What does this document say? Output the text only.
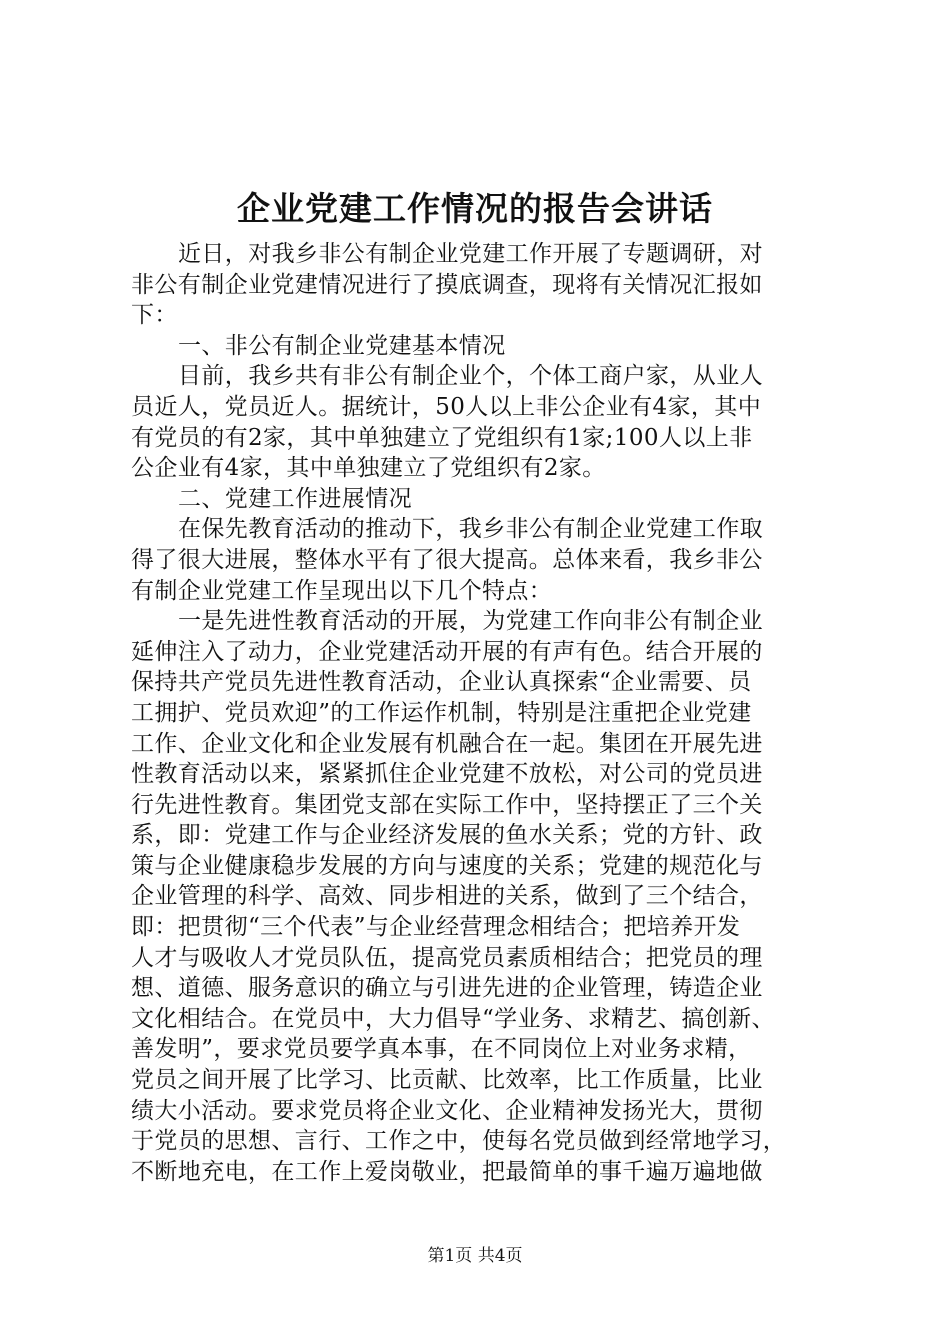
企业党建工作情况的报告会讲话
近日，对我乡非公有制企业党建工作开展了专题调研，对
非公有制企业党建情况进行了摸底调查，现将有关情况汇报如
下：
一、非公有制企业党建基本情况
目前，我乡共有非公有制企业个，个体工商户家，从业人
员近人，党员近人。据统计，50人以上非公企业有4家，其中
有党员的有2家，其中单独建立了党组织有1家;100人以上非
公企业有4家，其中单独建立了党组织有2家。
二、党建工作进展情况
在保先教育活动的推动下，我乡非公有制企业党建工作取
得了很大进展，整体水平有了很大提高。总体来看，我乡非公
有制企业党建工作呈现出以下几个特点：
一是先进性教育活动的开展，为党建工作向非公有制企业
延伸注入了动力，企业党建活动开展的有声有色。结合开展的
保持共产党员先进性教育活动，企业认真探索“企业需要、员
工拥护、党员欢迎”的工作运作机制，特别是注重把企业党建
工作、企业文化和企业发展有机融合在一起。集团在开展先进
性教育活动以来，紧紧抓住企业党建不放松，对公司的党员进
行先进性教育。集团党支部在实际工作中，坚持摆正了三个关
系，即：党建工作与企业经济发展的鱼水关系；党的方针、政
策与企业健康稳步发展的方向与速度的关系；党建的规范化与
企业管理的科学、高效、同步相进的关系，做到了三个结合，
即：把贯彻“三个代表”与企业经营理念相结合；把培养开发
人才与吸收人才党员队伍，提高党员素质相结合；把党员的理
想、道德、服务意识的确立与引进先进的企业管理，铸造企业
文化相结合。在党员中，大力倡导“学业务、求精艺、搞创新、
善发明”，要求党员要学真本事，在不同岗位上对业务求精，
党员之间开展了比学习、比贡献、比效率，比工作质量，比业
绩大小活动。要求党员将企业文化、企业精神发扬光大，贯彻
于党员的思想、言行、工作之中，使每名党员做到经常地学习，
不断地充电，在工作上爱岗敬业，把最简单的事千遍万遍地做
第1页 共4页
